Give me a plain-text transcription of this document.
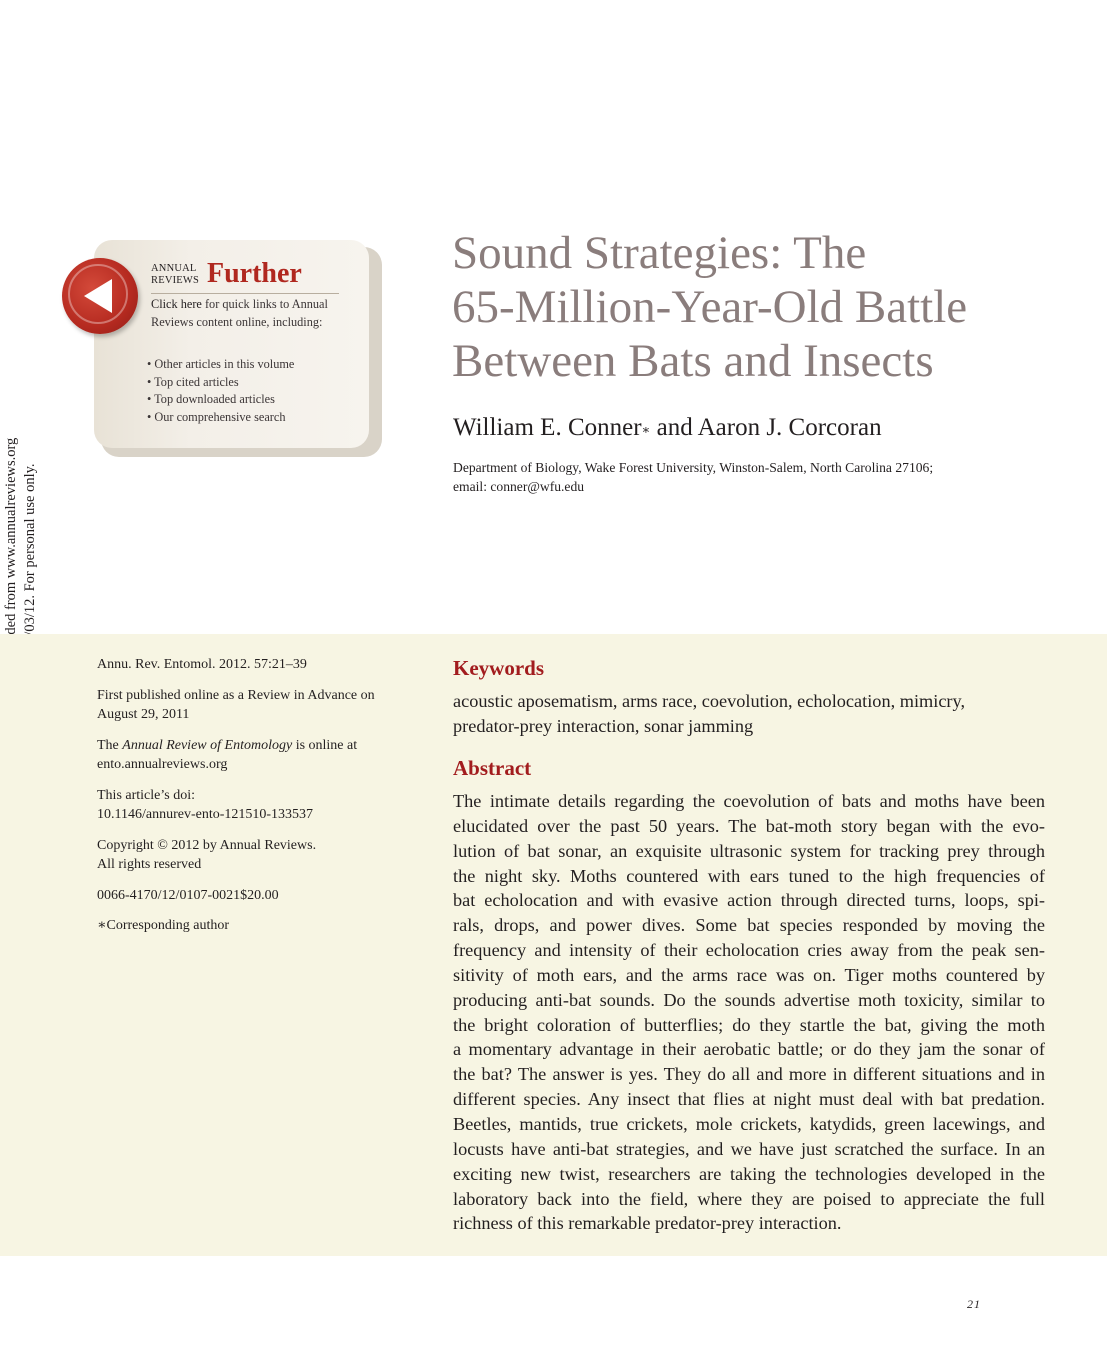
ANNUAL
REVIEWS Further
Click here for quick links to Annual Reviews content online, including:
• Other articles in this volume
• Top cited articles
• Top downloaded articles
• Our comprehensive search
Sound Strategies: The
65-Million-Year-Old Battle
Between Bats and Insects
William E. Conner∗ and Aaron J. Corcoran
Department of Biology, Wake Forest University, Winston-Salem, North Carolina 27106;
email: conner@wfu.edu
Annu. Rev. Entomol. 2012. 57:21–39
First published online as a Review in Advance on
August 29, 2011
The Annual Review of Entomology is online at
ento.annualreviews.org
This article’s doi:
10.1146/annurev-ento-121510-133537
Copyright © 2012 by Annual Reviews.
All rights reserved
0066-4170/12/0107-0021$20.00
∗Corresponding author
Keywords
acoustic aposematism, arms race, coevolution, echolocation, mimicry,
predator-prey interaction, sonar jamming
Abstract
The intimate details regarding the coevolution of bats and moths have been
elucidated over the past 50 years. The bat-moth story began with the evo-
lution of bat sonar, an exquisite ultrasonic system for tracking prey through
the night sky. Moths countered with ears tuned to the high frequencies of
bat echolocation and with evasive action through directed turns, loops, spi-
rals, drops, and power dives. Some bat species responded by moving the
frequency and intensity of their echolocation cries away from the peak sen-
sitivity of moth ears, and the arms race was on. Tiger moths countered by
producing anti-bat sounds. Do the sounds advertise moth toxicity, similar to
the bright coloration of butterflies; do they startle the bat, giving the moth
a momentary advantage in their aerobatic battle; or do they jam the sonar of
the bat? The answer is yes. They do all and more in different situations and in
different species. Any insect that flies at night must deal with bat predation.
Beetles, mantids, true crickets, mole crickets, katydids, green lacewings, and
locusts have anti-bat strategies, and we have just scratched the surface. In an
exciting new twist, researchers are taking the technologies developed in the
laboratory back into the field, where they are poised to appreciate the full
richness of this remarkable predator-prey interaction.
21
